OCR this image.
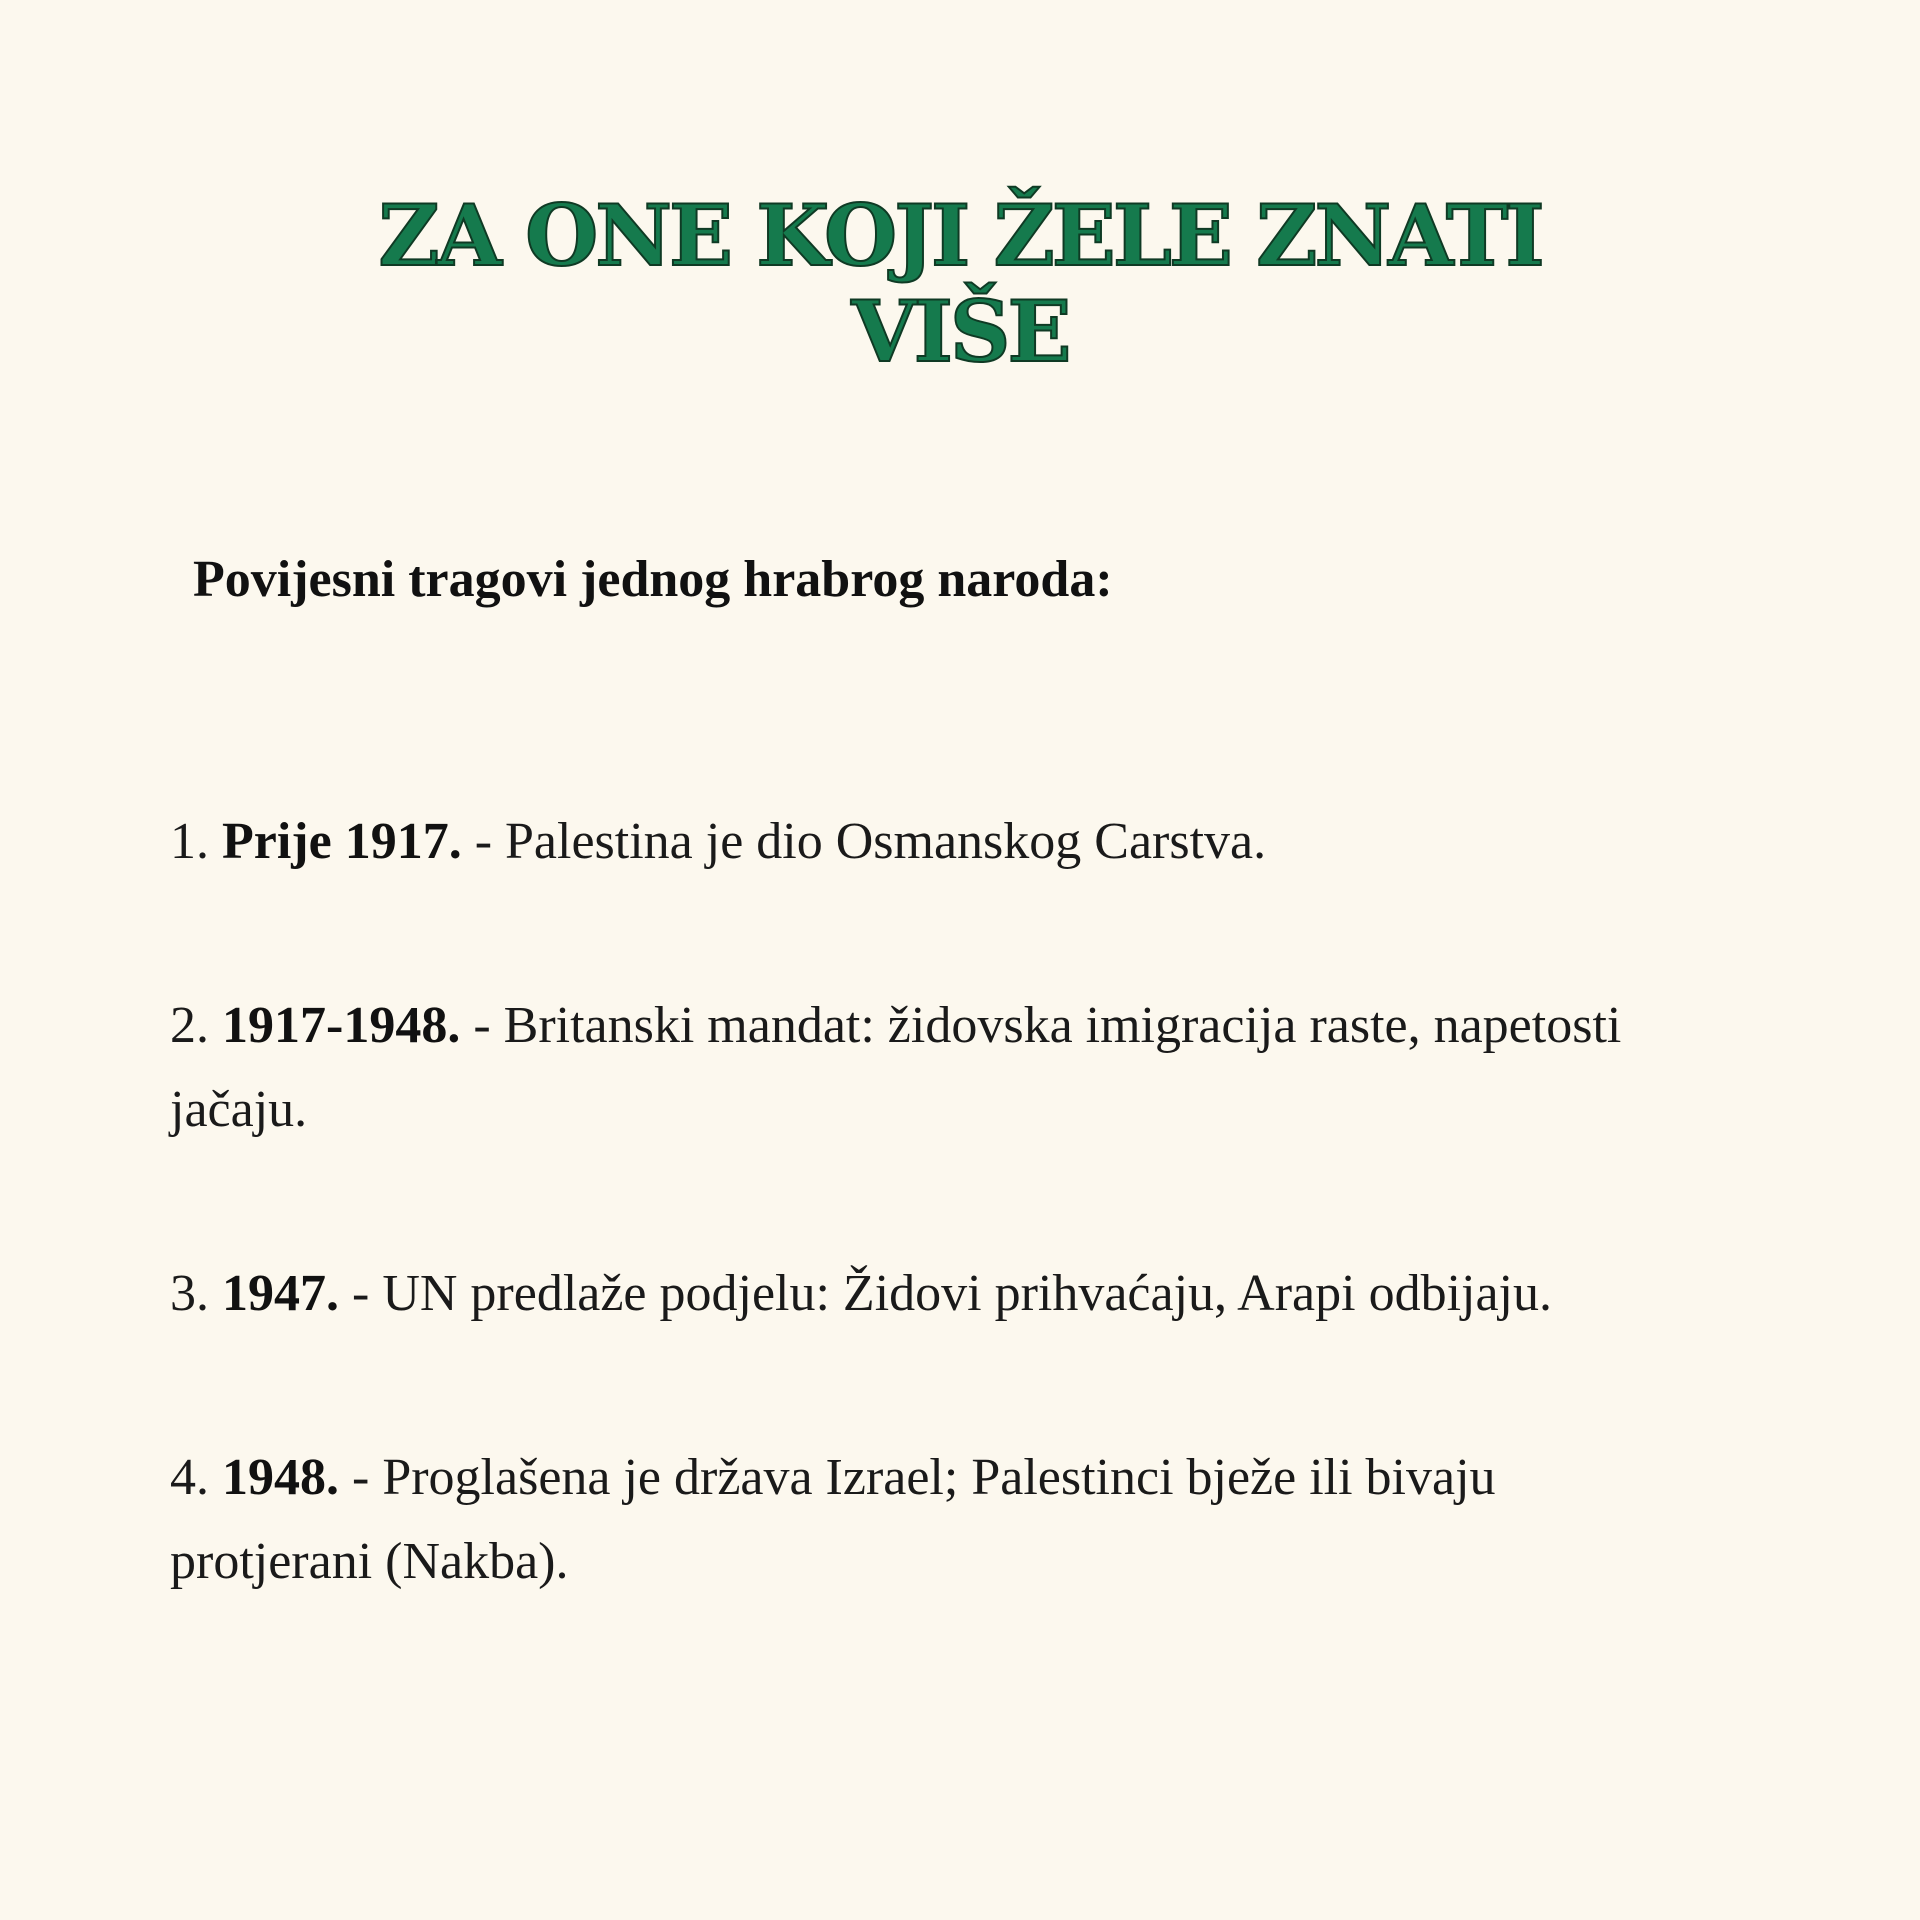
ZA ONE KOJI ŽELE ZNATI
VIŠE
Povijesni tragovi jednog hrabrog naroda:
1. Prije 1917. - Palestina je dio Osmanskog Carstva.
2. 1917-1948. - Britanski mandat: židovska imigracija raste, napetosti jačaju.
3. 1947. - UN predlaže podjelu: Židovi prihvaćaju, Arapi odbijaju.
4. 1948. - Proglašena je država Izrael; Palestinci bježe ili bivaju protjerani (Nakba).
